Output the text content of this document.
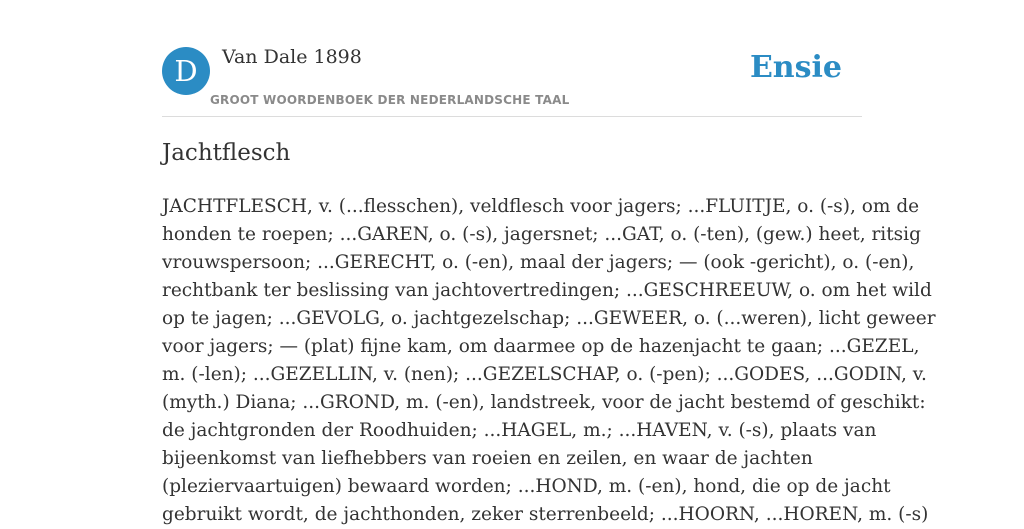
D	Van Dale 1898
GROOT WOORDENBOEK DER NEDERLANDSCHE TAAL
Ensie
Jachtflesch
JACHTFLESCH, v. (...flesschen), veldflesch voor jagers; ...FLUITJE, o. (-s), om de
honden te roepen; ...GAREN, o. (-s), jagersnet; ...GAT, o. (-ten), (gew.) heet, ritsig
vrouwspersoon; ...GERECHT, o. (-en), maal der jagers; — (ook -gericht), o. (-en),
rechtbank ter beslissing van jachtovertredingen; ...GESCHREEUW, o. om het wild
op te jagen; ...GEVOLG, o. jachtgezelschap; ...GEWEER, o. (...weren), licht geweer
voor jagers; — (plat) fijne kam, om daarmee op de hazenjacht te gaan; ...GEZEL,
m. (-len); ...GEZELLIN, v. (nen); ...GEZELSCHAP, o. (-pen); ...GODES, ...GODIN, v.
(myth.) Diana; ...GROND, m. (-en), landstreek, voor de jacht bestemd of geschikt:
de jachtgronden der Roodhuiden; ...HAGEL, m.; ...HAVEN, v. (-s), plaats van
bijeenkomst van liefhebbers van roeien en zeilen, en waar de jachten
(pleziervaartuigen) bewaard worden; ...HOND, m. (-en), hond, die op de jacht
gebruikt wordt, de jachthonden, zeker sterrenbeeld; ...HOORN, ...HOREN, m. (-s)
